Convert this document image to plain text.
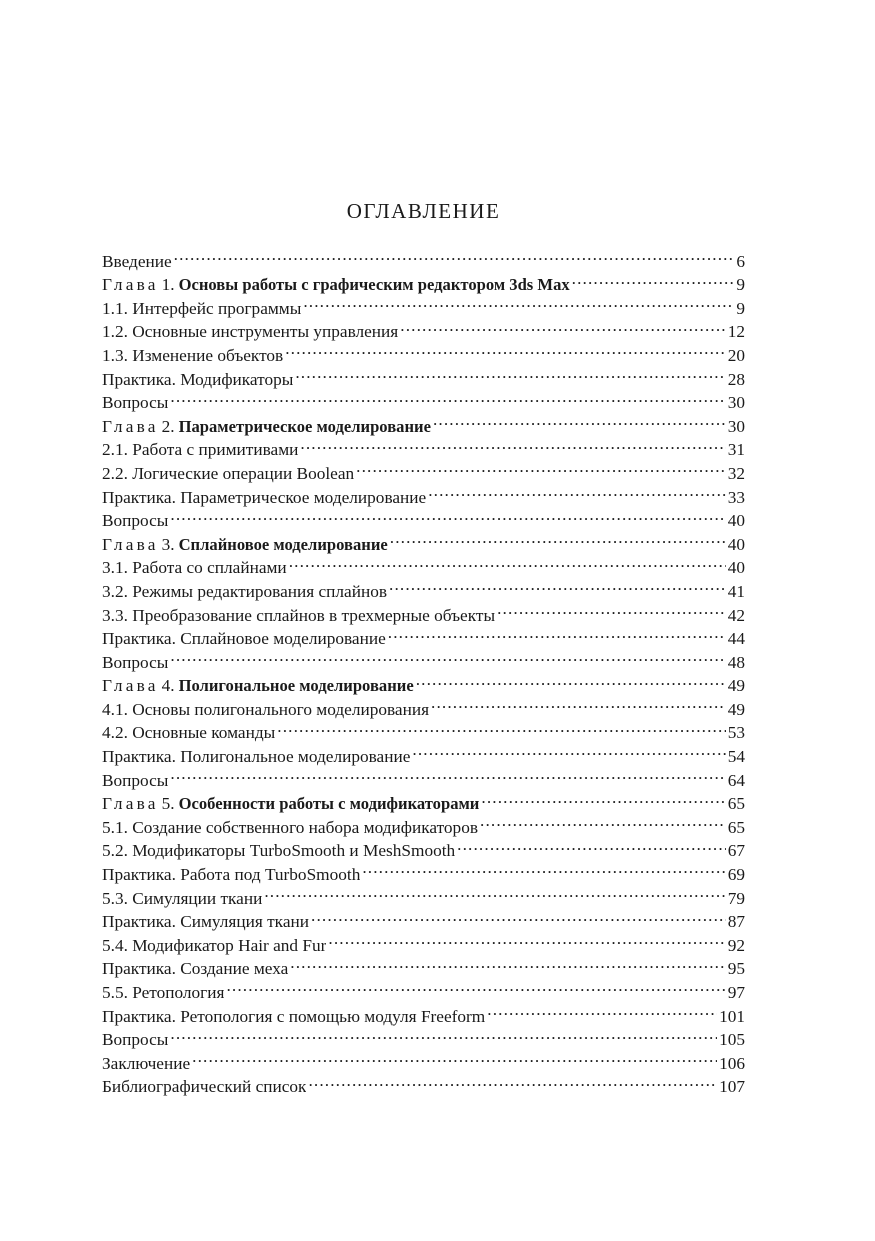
ОГЛАВЛЕНИЕ
Введение . . .	6
Глава 1. Основы работы с графическим редактором 3ds Max . . .	9
1.1. Интерфейс программы . . .	9
1.2. Основные инструменты управления . . .	12
1.3. Изменение объектов . . .	20
Практика. Модификаторы . . .	28
Вопросы . . .	30
Глава 2. Параметрическое моделирование . . .	30
2.1. Работа с примитивами . . .	31
2.2. Логические операции Boolean . . .	32
Практика. Параметрическое моделирование . . .	33
Вопросы . . .	40
Глава 3. Сплайновое моделирование . . .	40
3.1. Работа со сплайнами . . .	40
3.2. Режимы редактирования сплайнов . . .	41
3.3. Преобразование сплайнов в трехмерные объекты . . .	42
Практика. Сплайновое моделирование . . .	44
Вопросы . . .	48
Глава 4. Полигональное моделирование . . .	49
4.1. Основы полигонального моделирования . . .	49
4.2. Основные команды . . .	53
Практика. Полигональное моделирование . . .	54
Вопросы . . .	64
Глава 5. Особенности работы с модификаторами . . .	65
5.1. Создание собственного набора модификаторов . . .	65
5.2. Модификаторы TurboSmooth и MeshSmooth . . .	67
Практика. Работа под TurboSmooth . . .	69
5.3. Симуляции ткани . . .	79
Практика. Симуляция ткани . . .	87
5.4. Модификатор Hair and Fur . . .	92
Практика. Создание меха . . .	95
5.5. Ретопология . . .	97
Практика. Ретопология с помощью модуля Freeform . . .	101
Вопросы . . .	105
Заключение . . .	106
Библиографический список . . .	107
